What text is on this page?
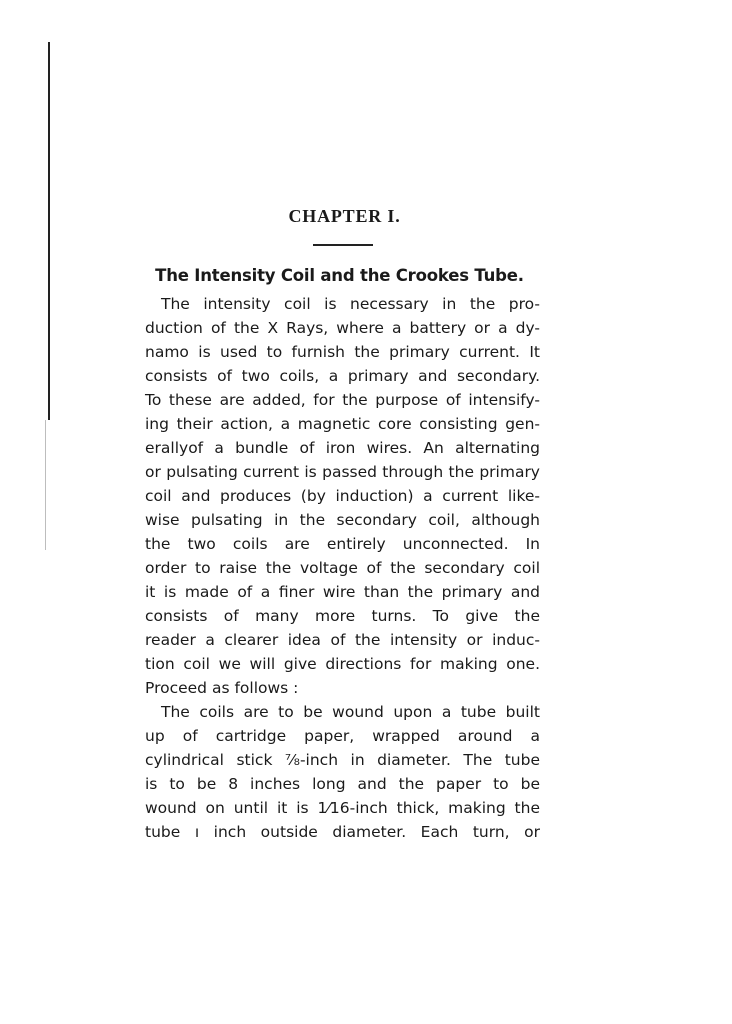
CHAPTER I.
The Intensity Coil and the Crookes Tube.
The intensity coil is necessary in the pro-
duction of the X Rays, where a battery or a dy-
namo is used to furnish the primary current. It
consists of two coils, a primary and secondary.
To these are added, for the purpose of intensify-
ing their action, a magnetic core consisting gen-
erallyof a bundle of iron wires. An alternating
or pulsating current is passed through the primary
coil and produces (by induction) a current like-
wise pulsating in the secondary coil, although
the two coils are entirely unconnected. In
order to raise the voltage of the secondary coil
it is made of a finer wire than the primary and
consists of many more turns. To give the
reader a clearer idea of the intensity or induc-
tion coil we will give directions for making one.
Proceed as follows :
The coils are to be wound upon a tube built
up of cartridge paper, wrapped around a
cylindrical stick ⅞-inch in diameter. The tube
is to be 8 inches long and the paper to be
wound on until it is 1⁄16-inch thick, making the
tube ı inch outside diameter. Each turn, or
